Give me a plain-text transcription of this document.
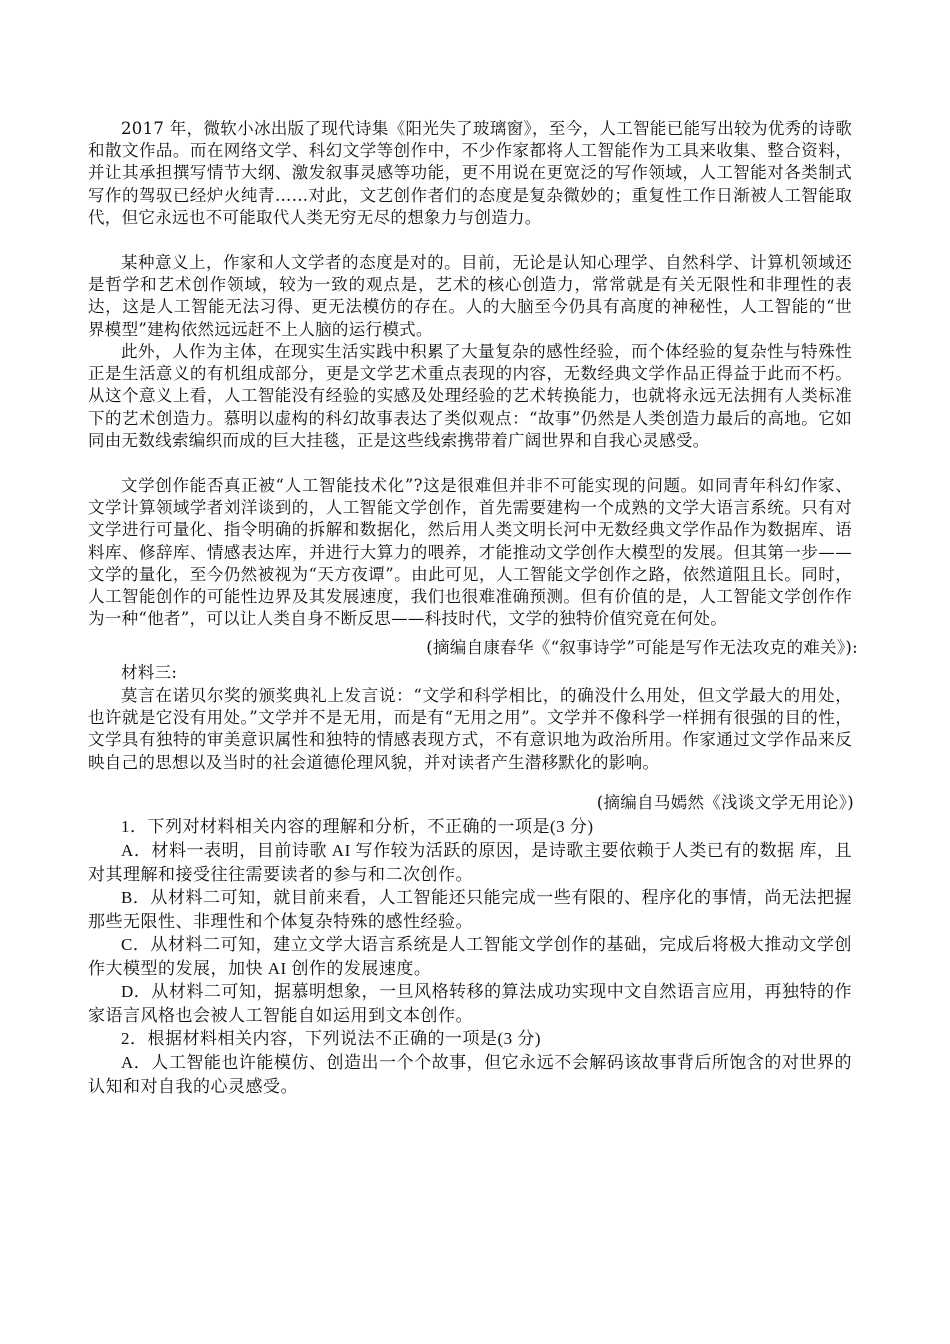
2017 年，微软小冰出版了现代诗集《阳光失了玻璃窗》，至今，人工智能已能写出较为优秀的诗歌和散文作品。而在网络文学、科幻文学等创作中，不少作家都将人工智能作为工具来收集、整合资料，并让其承担撰写情节大纲、激发叙事灵感等功能，更不用说在更宽泛的写作领域，人工智能对各类制式写作的驾驭已经炉火纯青……对此，文艺创作者们的态度是复杂微妙的；重复性工作日渐被人工智能取代，但它永远也不可能取代人类无穷无尽的想象力与创造力。

某种意义上，作家和人文学者的态度是对的。目前，无论是认知心理学、自然科学、计算机领域还是哲学和艺术创作领域，较为一致的观点是，艺术的核心创造力，常常就是有关无限性和非理性的表达，这是人工智能无法习得、更无法模仿的存在。人的大脑至今仍具有高度的神秘性，人工智能的“世界模型”建构依然远远赶不上人脑的运行模式。

此外，人作为主体，在现实生活实践中积累了大量复杂的感性经验，而个体经验的复杂性与特殊性正是生活意义的有机组成部分，更是文学艺术重点表现的内容，无数经典文学作品正得益于此而不朽。从这个意义上看，人工智能没有经验的实感及处理经验的艺术转换能力，也就将永远无法拥有人类标准下的艺术创造力。慕明以虚构的科幻故事表达了类似观点：“故事”仍然是人类创造力最后的高地。它如同由无数线索编织而成的巨大挂毯，正是这些线索携带着广阔世界和自我心灵感受。

文学创作能否真正被“人工智能技术化”?这是很难但并非不可能实现的问题。如同青年科幻作家、文学计算领域学者刘洋谈到的，人工智能文学创作，首先需要建构一个成熟的文学大语言系统。只有对文学进行可量化、指令明确的拆解和数据化，然后用人类文明长河中无数经典文学作品作为数据库、语料库、修辞库、情感表达库，并进行大算力的喂养，才能推动文学创作大模型的发展。但其第一步——文学的量化，至今仍然被视为“天方夜谭”。由此可见，人工智能文学创作之路，依然道阻且长。同时，人工智能创作的可能性边界及其发展速度，我们也很难准确预测。但有价值的是，人工智能文学创作作为一种“他者”，可以让人类自身不断反思——科技时代，文学的独特价值究竟在何处。

(摘编自康春华《“叙事诗学”可能是写作无法攻克的难关》):

材料三:

莫言在诺贝尔奖的颁奖典礼上发言说：“文学和科学相比，的确没什么用处，但文学最大的用处，也许就是它没有用处。”文学并不是无用，而是有“无用之用”。文学并不像科学一样拥有很强的目的性，文学具有独特的审美意识属性和独特的情感表现方式，不有意识地为政治所用。作家通过文学作品来反映自己的思想以及当时的社会道德伦理风貌，并对读者产生潜移默化的影响。

(摘编自马嫣然《浅谈文学无用论》)

1．下列对材料相关内容的理解和分析，不正确的一项是(3 分)

A．材料一表明，目前诗歌 AI 写作较为活跃的原因，是诗歌主要依赖于人类已有的数据 库，且对其理解和接受往往需要读者的参与和二次创作。

B．从材料二可知，就目前来看，人工智能还只能完成一些有限的、程序化的事情，尚无法把握那些无限性、非理性和个体复杂特殊的感性经验。

C．从材料二可知，建立文学大语言系统是人工智能文学创作的基础，完成后将极大推动文学创作大模型的发展，加快 AI 创作的发展速度。

D．从材料二可知，据慕明想象，一旦风格转移的算法成功实现中文自然语言应用，再独特的作家语言风格也会被人工智能自如运用到文本创作。

2．根据材料相关内容，下列说法不正确的一项是(3 分)

A．人工智能也许能模仿、创造出一个个故事，但它永远不会解码该故事背后所饱含的对世界的认知和对自我的心灵感受。
